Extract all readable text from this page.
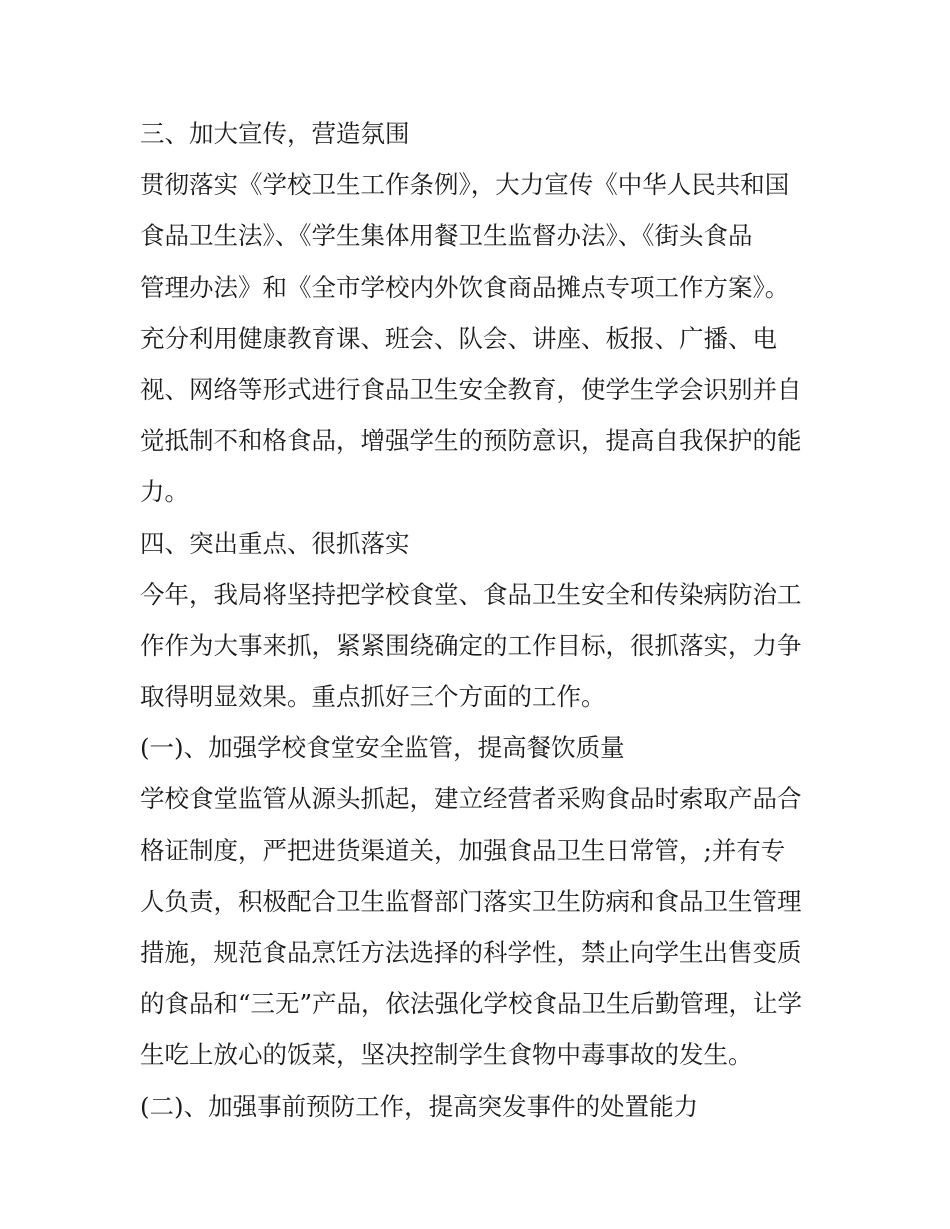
三、加大宣传，营造氛围
贯彻落实《学校卫生工作条例》，大力宣传《中华人民共和国
食品卫生法》、《学生集体用餐卫生监督办法》、《街头食品
管理办法》和《全市学校内外饮食商品摊点专项工作方案》。
充分利用健康教育课、班会、队会、讲座、板报、广播、电
视、网络等形式进行食品卫生安全教育，使学生学会识别并自
觉抵制不和格食品，增强学生的预防意识，提高自我保护的能
力。
四、突出重点、很抓落实
今年，我局将坚持把学校食堂、食品卫生安全和传染病防治工
作作为大事来抓，紧紧围绕确定的工作目标，很抓落实，力争
取得明显效果。重点抓好三个方面的工作。
(一)、加强学校食堂安全监管，提高餐饮质量
学校食堂监管从源头抓起，建立经营者采购食品时索取产品合
格证制度，严把进货渠道关，加强食品卫生日常管，;并有专
人负责，积极配合卫生监督部门落实卫生防病和食品卫生管理
措施，规范食品烹饪方法选择的科学性，禁止向学生出售变质
的食品和“三无”产品，依法强化学校食品卫生后勤管理，让学
生吃上放心的饭菜，坚决控制学生食物中毒事故的发生。
(二)、加强事前预防工作，提高突发事件的处置能力
